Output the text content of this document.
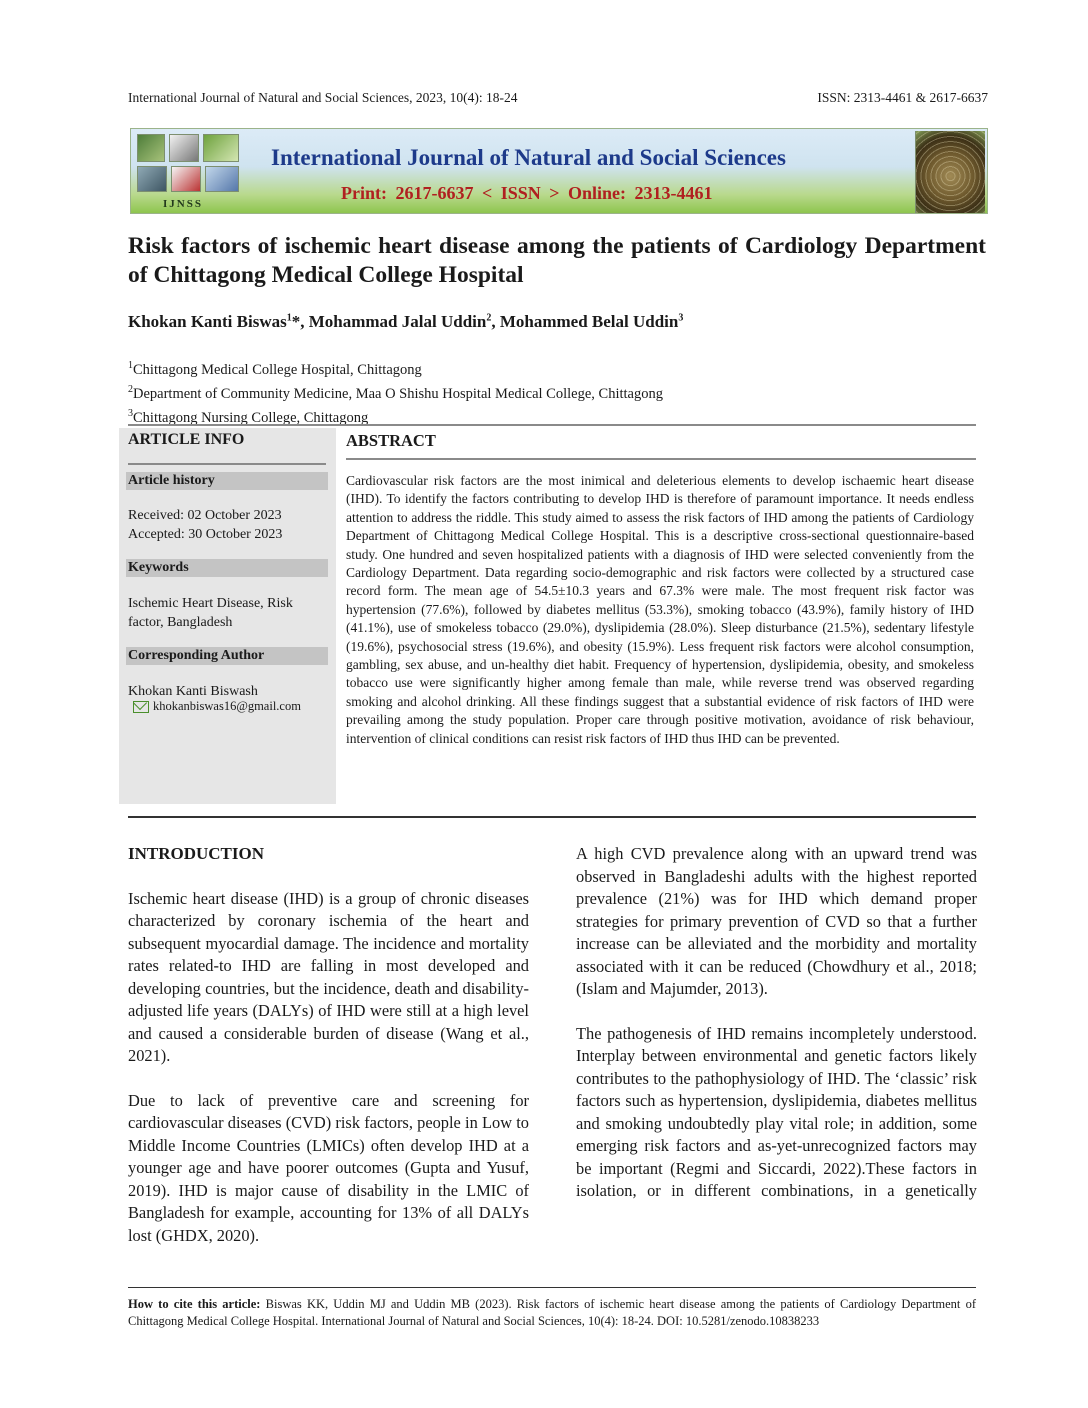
International Journal of Natural and Social Sciences, 2023, 10(4): 18-24	ISSN: 2313-4461 & 2617-6637
IJNSS
International Journal of Natural and Social Sciences
Print: 2617-6637 < ISSN > Online: 2313-4461
Risk factors of ischemic heart disease among the patients of Cardiology Department of Chittagong Medical College Hospital
Khokan Kanti Biswas$^1$*, Mohammad Jalal Uddin$^2$, Mohammed Belal Uddin$^3$
$^1$Chittagong Medical College Hospital, Chittagong
$^2$Department of Community Medicine, Maa O Shishu Hospital Medical College, Chittagong
$^3$Chittagong Nursing College, Chittagong
ARTICLE INFO
Article history
Received: 02 October 2023
Accepted: 30 October 2023
Keywords
Ischemic Heart Disease, Risk factor, Bangladesh
Corresponding Author
Khokan Kanti Biswash
khokanbiswas16@gmail.com
ABSTRACT

Cardiovascular risk factors are the most inimical and deleterious elements to develop ischaemic heart disease (IHD). To identify the factors contributing to develop IHD is therefore of paramount importance. It needs endless attention to address the riddle. This study aimed to assess the risk factors of IHD among the patients of Cardiology Department of Chittagong Medical College Hospital. This is a descriptive cross-sectional questionnaire-based study. One hundred and seven hospitalized patients with a diagnosis of IHD were selected conveniently from the Cardiology Department. Data regarding socio-demographic and risk factors were collected by a structured case record form. The mean age of 54.5±10.3 years and 67.3% were male. The most frequent risk factor was hypertension (77.6%), followed by diabetes mellitus (53.3%), smoking tobacco (43.9%), family history of IHD (41.1%), use of smokeless tobacco (29.0%), dyslipidemia (28.0%). Sleep disturbance (21.5%), sedentary lifestyle (19.6%), psychosocial stress (19.6%), and obesity (15.9%). Less frequent risk factors were alcohol consumption, gambling, sex abuse, and un-healthy diet habit. Frequency of hypertension, dyslipidemia, obesity, and smokeless tobacco use were significantly higher among female than male, while reverse trend was observed regarding smoking and alcohol drinking. All these findings suggest that a substantial evidence of risk factors of IHD were prevailing among the study population. Proper care through positive motivation, avoidance of risk behaviour, intervention of clinical conditions can resist risk factors of IHD thus IHD can be prevented.

INTRODUCTION

Ischemic heart disease (IHD) is a group of chronic diseases characterized by coronary ischemia of the heart and subsequent myocardial damage. The incidence and mortality rates related-to IHD are falling in most developed and developing countries, but the incidence, death and disability-adjusted life years (DALYs) of IHD were still at a high level and caused a considerable burden of disease (Wang et al., 2021).

Due to lack of preventive care and screening for cardiovascular diseases (CVD) risk factors, people in Low to Middle Income Countries (LMICs) often develop IHD at a younger age and have poorer outcomes (Gupta and Yusuf, 2019). IHD is major cause of disability in the LMIC of Bangladesh for example, accounting for 13% of all DALYs lost (GHDX, 2020).

A high CVD prevalence along with an upward trend was observed in Bangladeshi adults with the highest reported prevalence (21%) was for IHD which demand proper strategies for primary prevention of CVD so that a further increase can be alleviated and the morbidity and mortality associated with it can be reduced (Chowdhury et al., 2018; (Islam and Majumder, 2013).

The pathogenesis of IHD remains incompletely understood. Interplay between environmental and genetic factors likely contributes to the pathophysiology of IHD. The ‘classic’ risk factors such as hypertension, dyslipidemia, diabetes mellitus and smoking undoubtedly play vital role; in addition, some emerging risk factors and as-yet-unrecognized factors may be important (Regmi and Siccardi, 2022).These factors in isolation, or in different combinations, in a genetically

How to cite this article: Biswas KK, Uddin MJ and Uddin MB (2023). Risk factors of ischemic heart disease among the patients of Cardiology Department of Chittagong Medical College Hospital. International Journal of Natural and Social Sciences, 10(4): 18-24. DOI: 10.5281/zenodo.10838233
